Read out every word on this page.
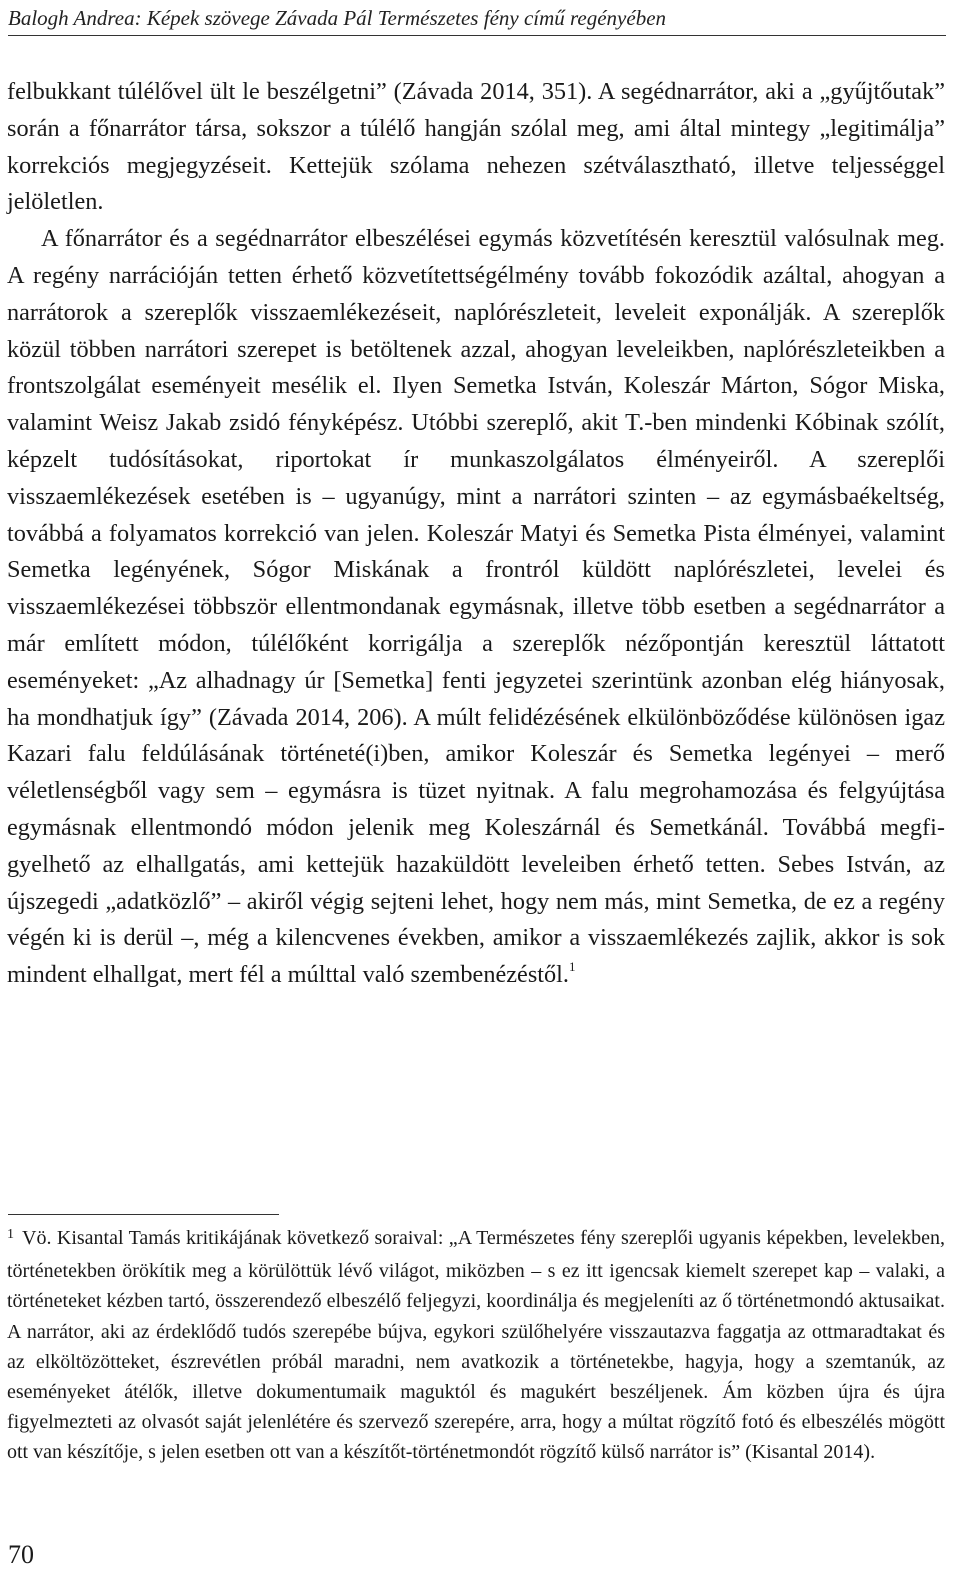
Balogh Andrea: Képek szövege Závada Pál Természetes fény című regényében

felbukkant túlélővel ült le beszélgetni” (Závada 2014, 351). A segédnarrátor, aki a „gyűjtőutak” során a főnarrátor társa, sokszor a túlélő hangján szólal meg, ami által mintegy „legitimálja” korrekciós megjegyzéseit. Kettejük szólama nehezen szétválasztható, illetve teljességgel jelöletlen.

A főnarrátor és a segédnarrátor elbeszélései egymás közvetítésén keresztül valósulnak meg. A regény narrációján tetten érhető közvetítettségélmény tovább fokozódik azáltal, ahogyan a narrátorok a szereplők visszaemlékezéseit, naplórészleteit, leveleit exponálják. A szereplők közül többen narrátori szerepet is betöltenek azzal, ahogyan leveleikben, naplórészleteikben a frontszolgálat eseményeit mesélik el. Ilyen Semetka István, Koleszár Márton, Sógor Miska, valamint Weisz Jakab zsidó fényképész. Utóbbi szereplő, akit T.-ben mindenki Kóbinak szólít, képzelt tudósításokat, riportokat ír munkaszolgálatos élményeiről. A szereplői visszaemlékezések esetében is – ugyanúgy, mint a narrátori szinten – az egymásbaékeltség, továbbá a folyamatos korrekció van jelen. Koleszár Matyi és Semetka Pista élményei, valamint Semetka legényének, Sógor Miskának a frontról küldött naplórészletei, levelei és visszaemlékezései többször ellentmondanak egymásnak, illetve több esetben a segédnarrátor a már említett módon, túlélőként korrigálja a szereplők nézőpontján keresztül láttatott eseményeket: „Az alhadnagy úr [Semetka] fenti jegyzetei szerintünk azonban elég hiányosak, ha mondhatjuk így” (Závada 2014, 206). A múlt felidézésének elkülönböződése különösen igaz Kazari falu feldúlásának történeté(i)ben, amikor Koleszár és Semetka legényei – merő véletlenségből vagy sem – egymásra is tüzet nyitnak. A falu megrohamozása és felgyújtása egymásnak ellentmondó módon jelenik meg Koleszárnál és Semetkánál. Továbbá megfigyelhető az elhallgatás, ami kettejük hazaküldött leveleiben érhető tetten. Sebes István, az újszegedi „adatközlő” – akiről végig sejteni lehet, hogy nem más, mint Semetka, de ez a regény végén ki is derül –, még a kilencvenes években, amikor a visszaemlékezés zajlik, akkor is sok mindent elhallgat, mert fél a múlttal való szembenézéstől.$^1$

$^1$ Vö. Kisantal Tamás kritikájának következő soraival: „A Természetes fény szereplői ugyanis képekben, levelekben, történetekben örökítik meg a körülöttük lévő világot, miközben – s ez itt igencsak kiemelt szerepet kap – valaki, a történeteket kézben tartó, összerendező elbeszélő feljegyzi, koordinálja és megjeleníti az ő történetmondó aktusaikat. A narrátor, aki az érdeklődő tudós szerepébe bújva, egykori szülőhelyére visszautazva faggatja az ottmaradtakat és az elköltözötteket, észrevétlen próbál maradni, nem avatkozik a történetekbe, hagyja, hogy a szemtanúk, az eseményeket átélők, illetve dokumentumaik maguktól és magukért beszéljenek. Ám közben újra és újra figyelmezteti az olvasót saját jelenlétére és szervező szerepére, arra, hogy a múltat rögzítő fotó és elbeszélés mögött ott van készítője, s jelen esetben ott van a készítőt-történetmondót rögzítő külső narrátor is” (Kisantal 2014).

70
